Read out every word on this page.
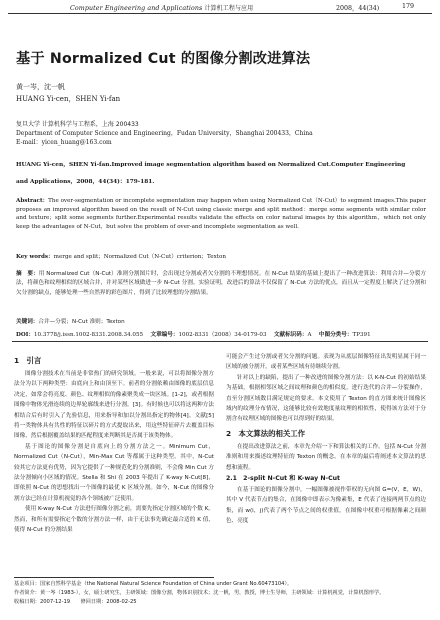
Computer Engineering and Applications 计算机工程与应用	2008，44(34)	179
基于 Normalized Cut 的图像分割改进算法
黄一岑，沈一帆
HUANG Yi-cen，SHEN Yi-fan
复旦大学 计算机科学与工程系，上海 200433
Department of Computer Science and Engineering，Fudan University，Shanghai 200433，China
E-mail：yicen_huang@163.com
HUANG Yi-cen，SHEN Yi-fan.Improved image segmentation algorithm based on Normalized Cut.Computer Engineering
and Applications，2008，44(34)：179-181.
Abstract：The over-segmentation or incomplete segmentation may happen when using Normalized Cut（N-Cut）to segment images.This paper proposes an improved algorithm based on the result of N-Cut using classic merge and split method：merge some segments with similar color and texture；split some segments further.Experimental results validate the effects on color natural images by this algorithm，which not only keep the advantages of N-Cut，but solve the problem of over-and incomplete segmentation as well.
Key words：merge and split；Normalized Cut（N-Cut）criterion；Texton
摘　要：用 Normalized Cut（N-Cut）准则分割图片时，会出现过分割或者欠分割的不理想情况。在 N-Cut 结果的基础上提出了一种改进算法：利用合并—分裂方法，将颜色和纹理相似的区域合并，并对某些区域做进一步 N-Cut 分割。实验证明，改进后的算法不仅保留了 N-Cut 方法的优点，而且从一定程度上解决了过分割和欠分割的缺点，能够处理一些自然界的彩色图片，得到了比较理想的分割结果。
关键词：合并—分裂；N-Cut 准则；Texton
DOI：10.3778/j.issn.1002-8331.2008.34.055   文章编号：1002-8331（2008）34-0179-03   文献标识码：A   中图分类号：TP391
1　引言

图像分割技术在当前是非常热门的研究领域。一般来说，可以将图像分割方法分为以下两种类型：由底向上和由顶至下。前者的分割依赖由图像的底层信息决定，如常会将亮度、颜色、纹理相似的像素聚类成一块区域。[1-2]，或者根据图像中物体光滑连续的边界轮廓线来进行分割。[3]。有时候也可以将这两种方法相结合后有时引入了先验信息，用来指导和加以分割出指定的物体[4]。文献[5]将一类物体具有共性的特征以碎片的方式提取出来，用这些特征碎片去覆盖目标图像，然后根据覆盖结果的匹配程度来判断其是否属于该类物体。

基于图论的图像分割是自底向上的分割方法之一。Minimum Cut，Normalized Cut（N-Cut），Min-Max Cut 等都属于这种类型。其中，N-Cut 较其它方法更有优势，因为它提供了一种规范化的分割准则，不会像 Min Cut 方法分割倾向小区域的情况。Stella 和 Shi 在 2003 年提出了 K-way N-Cut[8]，即依照 N-Cut 的思想找出一个图像的最优 K 区域分割。如今，N-Cut 的图像分割方法已经在计算机视觉的各个领域被广泛使用。

使用 K-way N-Cut 方法进行图像分割之前，需要先指定分割区域的个数 K。然而，和所有需要指定个数的分割方法一样，由于无法事先确定最合适的 K 值，使得 N-Cut 的分割结果

可能会产生过分割或者欠分割的问题。表现为从底层图像特征出发明显属于同一区域的被分割开，或者某些区域有待继续分割。

针对以上的缺陷，提出了一种改进的图像分割方法：以 K-N-Cut 的初始结果为基础，根据相邻区域之间纹理和颜色的相似度，进行迭代的合并—分裂操作，直至分割区域数目满足规定的要求。本文使用了 Texton 的直方图来统计图像区域内的纹理分布情况，这能够比较有效地度量纹理的相似性，使得该方法对于分割含有纹理区域的图像也可以得到好的结果。

2　本文算法的相关工作

在提出改进算法之前，本章先介绍一下和算法相关的工作。包括 N-Cut 分割准则和用来描述纹理特征的 Texton 的概念。在本章的最后将阐述本文算法的思想和流程。

2.1　2-split N-Cut 和 K-way N-Cut

在基于图论的图像分割中，一幅图像被视作带权的无向图 G=(V，E，W)，其中 V 代表节点的集合，在图像中即表示为像素集，E 代表了连接两两节点的边集，而 w(i，j)代表了两个节点之间的权重值，在图像中权重可根据像素之间颜色、亮度

基金项目：国家自然科学基金（the National Natural Science Foundation of China under Grant No.60473104）。
作者简介：黄一岑（1983-），女，硕士研究生，主研领域：图像分割，物体识别技术；沈一帆，男，教授，博士生导师，主研领域：计算机视觉，计算机图形学。
收稿日期：2007-12-19　　修回日期：2008-02-25
